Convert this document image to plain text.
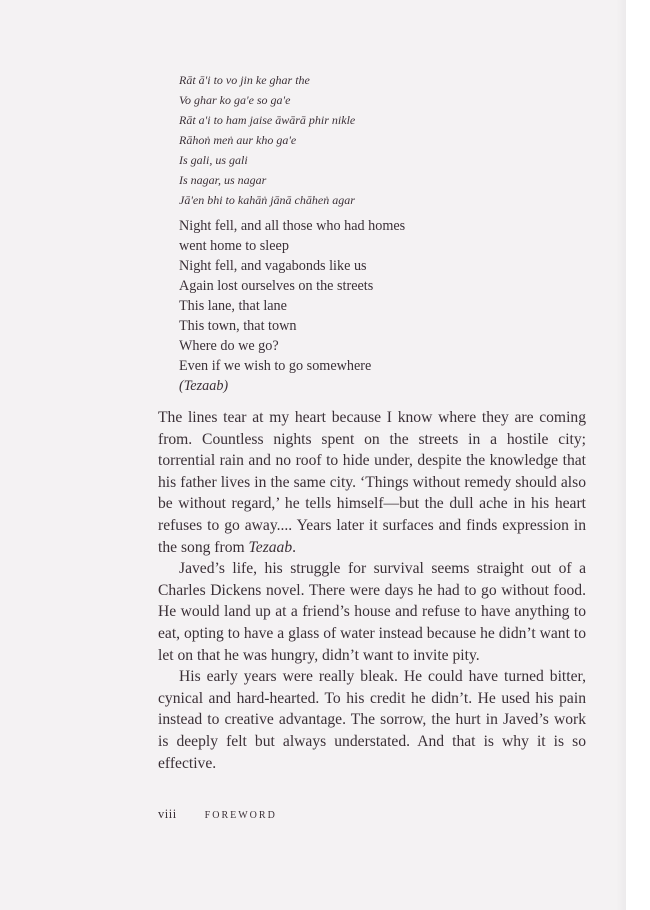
Rāt ā'i to vo jin ke ghar the
Vo ghar ko ga'e so ga'e
Rāt a'i to ham jaise āwārā phir nikle
Rāhoṅ meṅ aur kho ga'e
Is gali, us gali
Is nagar, us nagar
Jā'en bhi to kahāṅ jānā chāheṅ agar
Night fell, and all those who had homes
went home to sleep
Night fell, and vagabonds like us
Again lost ourselves on the streets
This lane, that lane
This town, that town
Where do we go?
Even if we wish to go somewhere
(Tezaab)

The lines tear at my heart because I know where they are coming from. Countless nights spent on the streets in a hostile city; torrential rain and no roof to hide under, despite the knowledge that his father lives in the same city. ‘Things without remedy should also be without regard,’ he tells himself—but the dull ache in his heart refuses to go away.... Years later it surfaces and finds expression in the song from Tezaab.

Javed’s life, his struggle for survival seems straight out of a Charles Dickens novel. There were days he had to go without food. He would land up at a friend’s house and refuse to have anything to eat, opting to have a glass of water instead because he didn’t want to let on that he was hungry, didn’t want to invite pity.

His early years were really bleak. He could have turned bitter, cynical and hard-hearted. To his credit he didn’t. He used his pain instead to creative advantage. The sorrow, the hurt in Javed’s work is deeply felt but always understated. And that is why it is so effective.

viii	FOREWORD
